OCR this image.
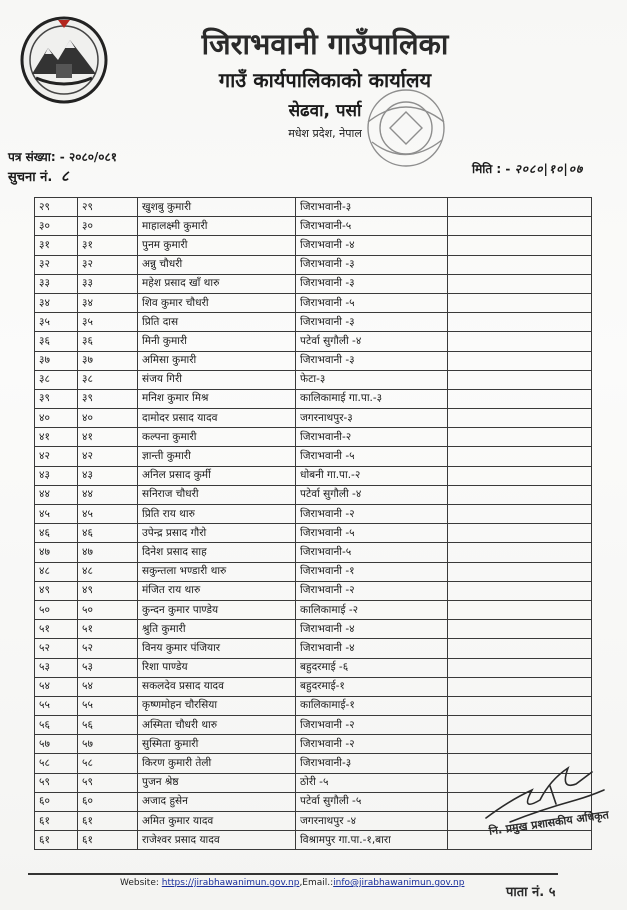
जिराभवानी गाउँपालिका
गाउँ कार्यपालिकाको कार्यालय
सेढवा, पर्सा
मधेश प्रदेश, नेपाल
पत्र संख्या: - २०८०/०८१
सुचना नं. ८	मिति : - २०८०|१०|०७
२९	२९	खुशबु कुमारी	जिराभवानी-३	
३०	३०	माहालक्ष्मी कुमारी	जिराभवानी-५	
३१	३१	पुनम कुमारी	जिराभवानी -४	
३२	३२	अन्नु चौधरी	जिराभवानी -३	
३३	३३	महेश प्रसाद खाँ थारु	जिराभवानी -३	
३४	३४	शिव कुमार चौधरी	जिराभवानी -५	
३५	३५	प्रिति दास	जिराभवानी -३	
३६	३६	मिनी कुमारी	पटेर्वा सुगौली -४	
३७	३७	अमिसा कुमारी	जिराभवानी -३	
३८	३८	संजय गिरी	फेटा-३	
३९	३९	मनिश कुमार मिश्र	कालिकामाई गा.पा.-३	
४०	४०	दामोदर प्रसाद यादव	जगरनाथपुर-३	
४१	४१	कल्पना कुमारी	जिराभवानी-२	
४२	४२	ज्ञान्ती कुमारी	जिराभवानी -५	
४३	४३	अनिल प्रसाद कुर्मी	धोबनी गा.पा.-२	
४४	४४	सनिराज चौधरी	पटेर्वा सुगौली -४	
४५	४५	प्रिति राय थारु	जिराभवानी -२	
४६	४६	उपेन्द्र प्रसाद गौरो	जिराभवानी -५	
४७	४७	दिनेश प्रसाद साह	जिराभवानी-५	
४८	४८	सकुन्तला भण्डारी थारु	जिराभवानी -१	
४९	४९	मंजित राय थारु	जिराभवानी -२	
५०	५०	कुन्दन कुमार पाण्डेय	कालिकामाई -२	
५१	५१	श्रुति कुमारी	जिराभवानी -४	
५२	५२	विनय कुमार पंजियार	जिराभवानी -४	
५३	५३	रिशा पाण्डेय	बहुदरमाई -६	
५४	५४	सकलदेव प्रसाद यादव	बहुदरमाई-१	
५५	५५	कृष्णमोहन चौरसिया	कालिकामाई-१	
५६	५६	अस्मिता चौधरी थारु	जिराभवानी -२	
५७	५७	सुस्मिता कुमारी	जिराभवानी -२	
५८	५८	किरण कुमारी तेली	जिराभवानी-३	
५९	५९	पुजन श्रेष्ठ	ठोरी -५	
६०	६०	अजाद हुसेन	पटेर्वा सुगौली -५	
६१	६१	अमित कुमार यादव	जगरनाथपुर -४	
६१	६१	राजेश्वर प्रसाद यादव	विश्रामपुर गा.पा.-१,बारा	
नि. प्रमुख प्रशासकीय अधिकृत
Website: https://jirabhawanimun.gov.np,Email.:info@jirabhawanimun.gov.np
पाता नं. ५
